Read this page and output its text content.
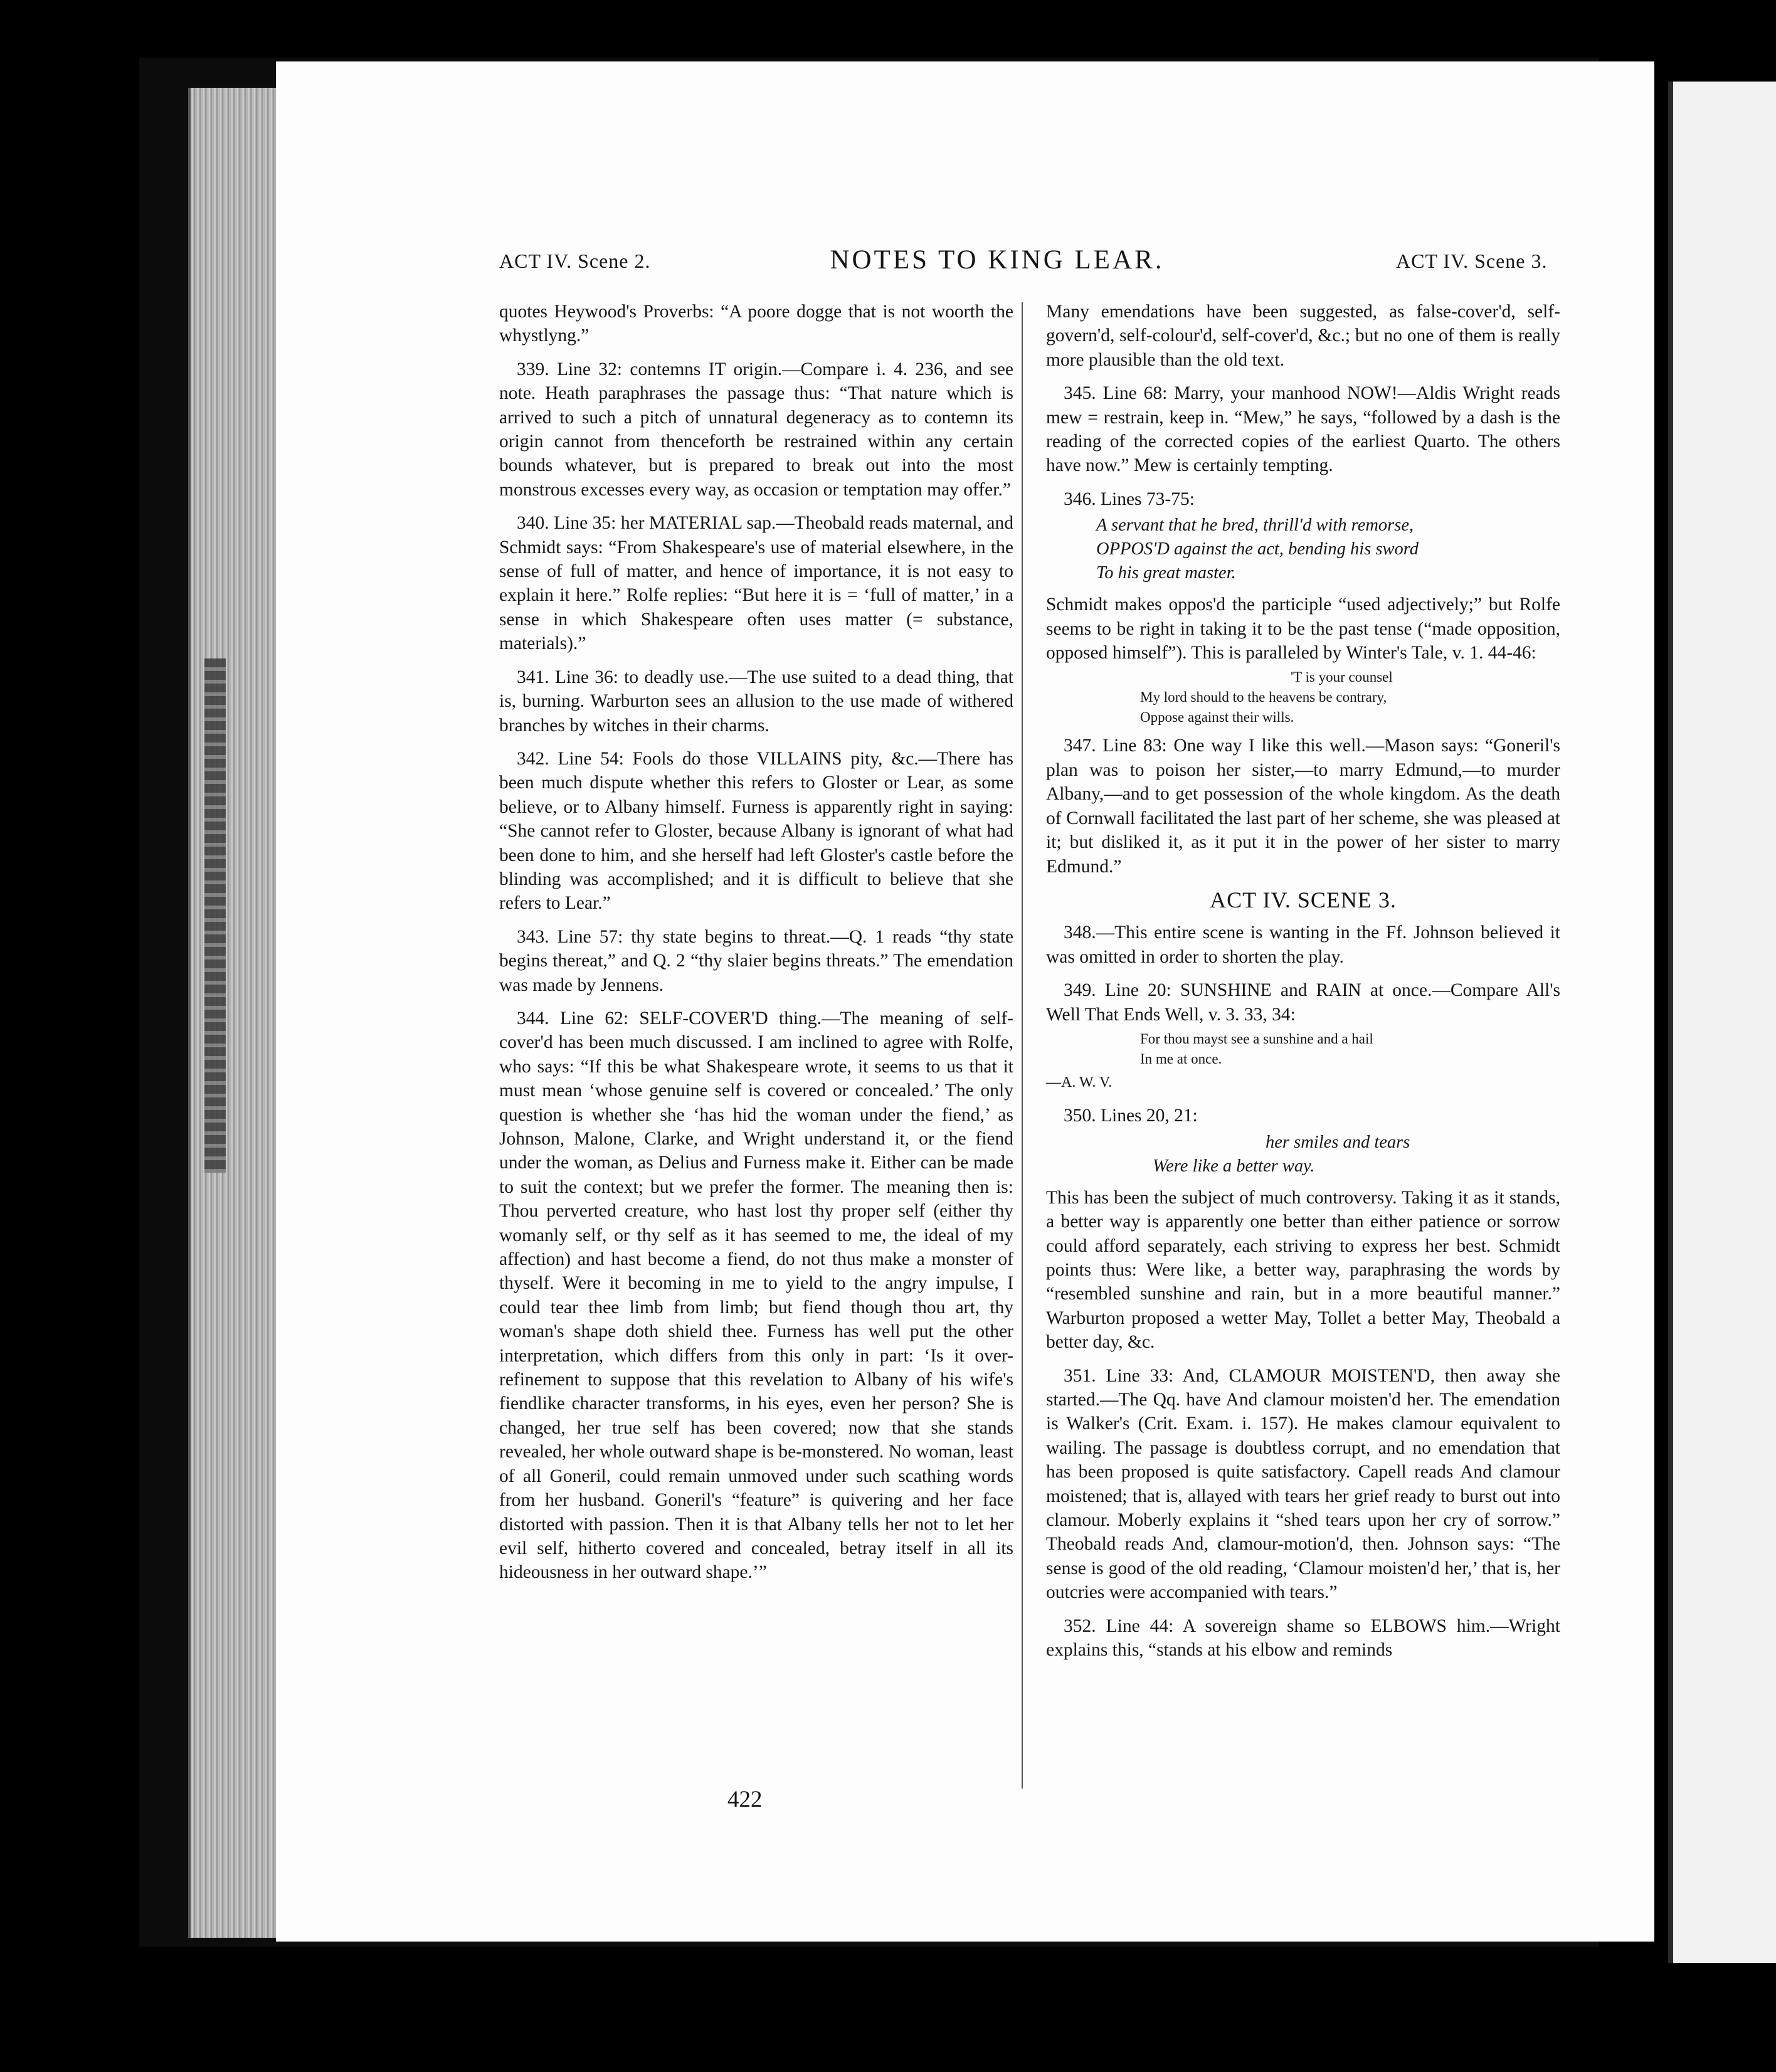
ACT IV. Scene 2.	NOTES TO KING LEAR.	ACT IV. Scene 3.

quotes Heywood's Proverbs: “A poore dogge that is not woorth the whystlyng.”

339. Line 32: contemns IT origin.—Compare i. 4. 236, and see note. Heath paraphrases the passage thus: “That nature which is arrived to such a pitch of unnatural degeneracy as to contemn its origin cannot from thenceforth be restrained within any certain bounds whatever, but is prepared to break out into the most monstrous excesses every way, as occasion or temptation may offer.”

340. Line 35: her MATERIAL sap.—Theobald reads maternal, and Schmidt says: “From Shakespeare's use of material elsewhere, in the sense of full of matter, and hence of importance, it is not easy to explain it here.” Rolfe replies: “But here it is = ‘full of matter,’ in a sense in which Shakespeare often uses matter (= substance, materials).”

341. Line 36: to deadly use.—The use suited to a dead thing, that is, burning. Warburton sees an allusion to the use made of withered branches by witches in their charms.

342. Line 54: Fools do those VILLAINS pity, &c.—There has been much dispute whether this refers to Gloster or Lear, as some believe, or to Albany himself. Furness is apparently right in saying: “She cannot refer to Gloster, because Albany is ignorant of what had been done to him, and she herself had left Gloster's castle before the blinding was accomplished; and it is difficult to believe that she refers to Lear.”

343. Line 57: thy state begins to threat.—Q. 1 reads “thy state begins thereat,” and Q. 2 “thy slaier begins threats.” The emendation was made by Jennens.

344. Line 62: SELF-COVER'D thing.—The meaning of self-cover'd has been much discussed. I am inclined to agree with Rolfe, who says: “If this be what Shakespeare wrote, it seems to us that it must mean ‘whose genuine self is covered or concealed.’ The only question is whether she ‘has hid the woman under the fiend,’ as Johnson, Malone, Clarke, and Wright understand it, or the fiend under the woman, as Delius and Furness make it. Either can be made to suit the context; but we prefer the former. The meaning then is: Thou perverted creature, who hast lost thy proper self (either thy womanly self, or thy self as it has seemed to me, the ideal of my affection) and hast become a fiend, do not thus make a monster of thyself. Were it becoming in me to yield to the angry impulse, I could tear thee limb from limb; but fiend though thou art, thy woman's shape doth shield thee. Furness has well put the other interpretation, which differs from this only in part: ‘Is it over-refinement to suppose that this revelation to Albany of his wife's fiendlike character transforms, in his eyes, even her person? She is changed, her true self has been covered; now that she stands revealed, her whole outward shape is be-monstered. No woman, least of all Goneril, could remain unmoved under such scathing words from her husband. Goneril's “feature” is quivering and her face distorted with passion. Then it is that Albany tells her not to let her evil self, hitherto covered and concealed, betray itself in all its hideousness in her outward shape.’”

Many emendations have been suggested, as false-cover'd, self-govern'd, self-colour'd, self-cover'd, &c.; but no one of them is really more plausible than the old text.

345. Line 68: Marry, your manhood NOW!—Aldis Wright reads mew = restrain, keep in. “Mew,” he says, “followed by a dash is the reading of the corrected copies of the earliest Quarto. The others have now.” Mew is certainly tempting.

346. Lines 73-75:

A servant that he bred, thrill'd with remorse,
OPPOS'D against the act, bending his sword
To his great master.

Schmidt makes oppos'd the participle “used adjectively;” but Rolfe seems to be right in taking it to be the past tense (“made opposition, opposed himself”). This is paralleled by Winter's Tale, v. 1. 44-46:

'T is your counsel
My lord should to the heavens be contrary,
Oppose against their wills.

347. Line 83: One way I like this well.—Mason says: “Goneril's plan was to poison her sister,—to marry Edmund,—to murder Albany,—and to get possession of the whole kingdom. As the death of Cornwall facilitated the last part of her scheme, she was pleased at it; but disliked it, as it put it in the power of her sister to marry Edmund.”

ACT IV. SCENE 3.

348.—This entire scene is wanting in the Ff. Johnson believed it was omitted in order to shorten the play.

349. Line 20: SUNSHINE and RAIN at once.—Compare All's Well That Ends Well, v. 3. 33, 34:

For thou mayst see a sunshine and a hail
In me at once.

—A. W. V.

350. Lines 20, 21:

her smiles and tears
Were like a better way.

This has been the subject of much controversy. Taking it as it stands, a better way is apparently one better than either patience or sorrow could afford separately, each striving to express her best. Schmidt points thus: Were like, a better way, paraphrasing the words by “resembled sunshine and rain, but in a more beautiful manner.” Warburton proposed a wetter May, Tollet a better May, Theobald a better day, &c.

351. Line 33: And, CLAMOUR MOISTEN'D, then away she started.—The Qq. have And clamour moisten'd her. The emendation is Walker's (Crit. Exam. i. 157). He makes clamour equivalent to wailing. The passage is doubtless corrupt, and no emendation that has been proposed is quite satisfactory. Capell reads And clamour moistened; that is, allayed with tears her grief ready to burst out into clamour. Moberly explains it “shed tears upon her cry of sorrow.” Theobald reads And, clamour-motion'd, then. Johnson says: “The sense is good of the old reading, ‘Clamour moisten'd her,’ that is, her outcries were accompanied with tears.”

352. Line 44: A sovereign shame so ELBOWS him.—Wright explains this, “stands at his elbow and reminds

422
